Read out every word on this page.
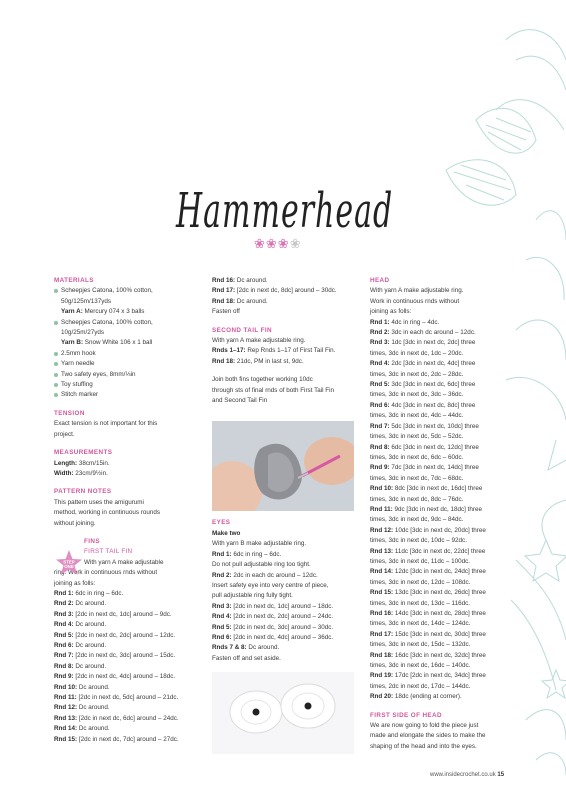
Hammerhead
❀❀❀❀
MATERIALS
Scheepjes Catona, 100% cotton,
50g/125m/137yds
Yarn A: Mercury 074 x 3 balls
Scheepjes Catona, 100% cotton,
10g/25m/27yds
Yarn B: Snow White 106 x 1 ball
2.5mm hook
Yarn needle
Two safety eyes, 8mm/⅓in
Toy stuffing
Stitch marker
TENSION
Exact tension is not important for this
project.
MEASUREMENTS
Length: 38cm/15in.
Width: 23cm/9½in.
PATTERN NOTES
This pattern uses the amigurumi
method, working in continuous rounds
without joining.
FINS
FIRST TAIL FIN
With yarn A make adjustable
ring. Work in continuous rnds without
joining as folls:
Rnd 1: 6dc in ring – 6dc.
Rnd 2: Dc around.
Rnd 3: [2dc in next dc, 1dc] around – 9dc.
Rnd 4: Dc around.
Rnd 5: [2dc in next dc, 2dc] around – 12dc.
Rnd 6: Dc around.
Rnd 7: [2dc in next dc, 3dc] around – 15dc.
Rnd 8: Dc around.
Rnd 9: [2dc in next dc, 4dc] around – 18dc.
Rnd 10: Dc around.
Rnd 11: [2dc in next dc, 5dc] around – 21dc.
Rnd 12: Dc around.
Rnd 13: [2dc in next dc, 6dc] around – 24dc.
Rnd 14: Dc around.
Rnd 15: [2dc in next dc, 7dc] around – 27dc.
STEP
ONE
Rnd 16: Dc around.
Rnd 17: [2dc in next dc, 8dc] around – 30dc.
Rnd 18: Dc around.
Fasten off
SECOND TAIL FIN
With yarn A make adjustable ring.
Rnds 1–17: Rep Rnds 1–17 of First Tail Fin.
Rnd 18: 21dc, PM in last st, 9dc.
Join both fins together working 10dc
through sts of final rnds of both First Tail Fin
and Second Tail Fin
EYES
Make two
With yarn B make adjustable ring.
Rnd 1: 6dc in ring – 6dc.
Do not pull adjustable ring too tight.
Rnd 2: 2dc in each dc around – 12dc.
Insert safety eye into very centre of piece,
pull adjustable ring fully tight.
Rnd 3: [2dc in next dc, 1dc] around – 18dc.
Rnd 4: [2dc in next dc, 2dc] around – 24dc.
Rnd 5: [2dc in next dc, 3dc] around – 30dc.
Rnd 6: [2dc in next dc, 4dc] around – 36dc.
Rnds 7 & 8: Dc around.
Fasten off and set aside.
HEAD
With yarn A make adjustable ring.
Work in continuous rnds without
joining as folls:
Rnd 1: 4dc in ring – 4dc.
Rnd 2: 3dc in each dc around – 12dc.
Rnd 3: 1dc [3dc in next dc, 2dc] three
times, 3dc in next dc, 1dc – 20dc.
Rnd 4: 2dc [3dc in next dc, 4dc] three
times, 3dc in next dc, 2dc – 28dc.
Rnd 5: 3dc [3dc in next dc, 6dc] three
times, 3dc in next dc, 3dc – 36dc.
Rnd 6: 4dc [3dc in next dc, 8dc] three
times, 3dc in next dc, 4dc – 44dc.
Rnd 7: 5dc [3dc in next dc, 10dc] three
times, 3dc in next dc, 5dc – 52dc.
Rnd 8: 6dc [3dc in next dc, 12dc] three
times, 3dc in next dc, 6dc – 60dc.
Rnd 9: 7dc [3dc in next dc, 14dc] three
times, 3dc in next dc, 7dc – 68dc.
Rnd 10: 8dc [3dc in next dc, 16dc] three
times, 3dc in next dc, 8dc – 76dc.
Rnd 11: 9dc [3dc in next dc, 18dc] three
times, 3dc in next dc, 9dc – 84dc.
Rnd 12: 10dc [3dc in next dc, 20dc] three
times, 3dc in next dc, 10dc – 92dc.
Rnd 13: 11dc [3dc in next dc, 22dc] three
times, 3dc in next dc, 11dc – 100dc.
Rnd 14: 12dc [3dc in next dc, 24dc] three
times, 3dc in next dc, 12dc – 108dc.
Rnd 15: 13dc [3dc in next dc, 26dc] three
times, 3dc in next dc, 13dc – 116dc.
Rnd 16: 14dc [3dc in next dc, 28dc] three
times, 3dc in next dc, 14dc – 124dc.
Rnd 17: 15dc [3dc in next dc, 30dc] three
times, 3dc in next dc, 15dc – 132dc.
Rnd 18: 16dc [3dc in next dc, 32dc] three
times, 3dc in next dc, 16dc – 140dc.
Rnd 19: 17dc [2dc in next dc, 34dc] three
times, 2dc in next dc, 17dc – 144dc.
Rnd 20: 18dc (ending at corner).
FIRST SIDE OF HEAD
We are now going to fold the piece just
made and elongate the sides to make the
shaping of the head and into the eyes.
www.insidecrochet.co.uk 15
